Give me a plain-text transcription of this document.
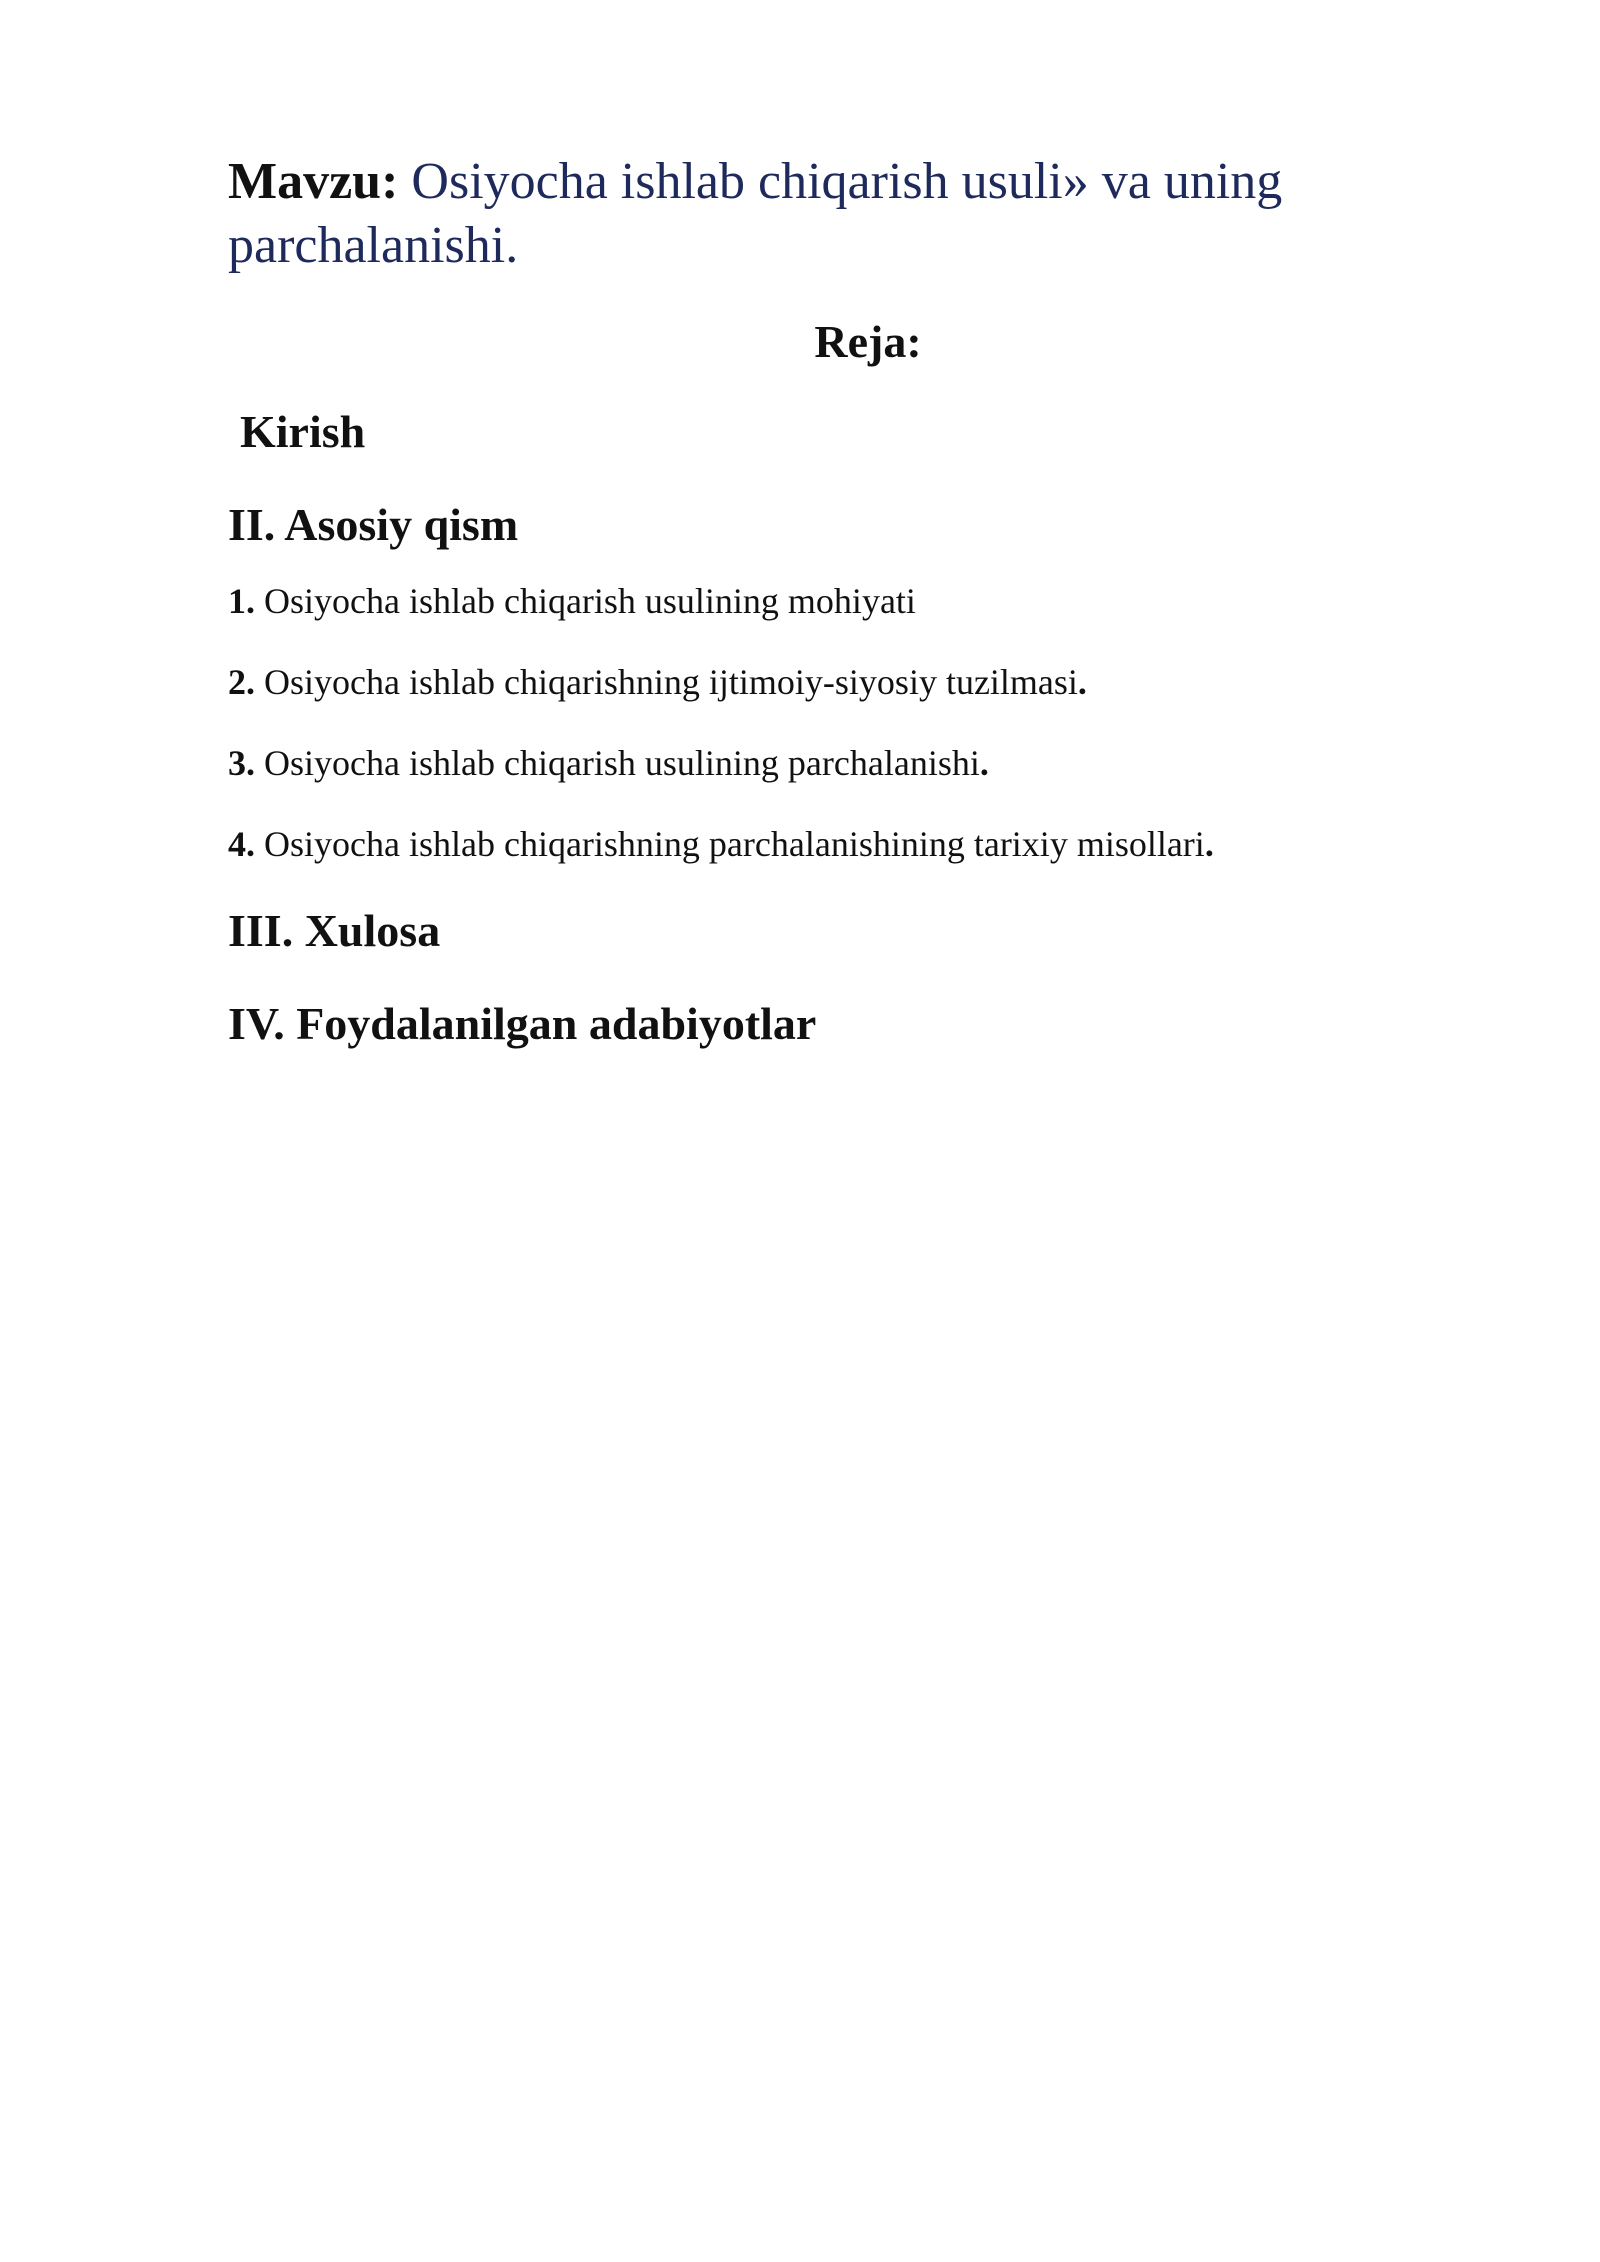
Mavzu: Osiyocha ishlab chiqarish usuli» va uning parchalanishi.

Reja:
Kirish
II. Asosiy qism
1. Osiyocha ishlab chiqarish usulining mohiyati
2. Osiyocha ishlab chiqarishning ijtimoiy-siyosiy tuzilmasi.
3. Osiyocha ishlab chiqarish usulining parchalanishi.
4. Osiyocha ishlab chiqarishning parchalanishining tarixiy misollari.
III. Xulosa
IV. Foydalanilgan adabiyotlar
